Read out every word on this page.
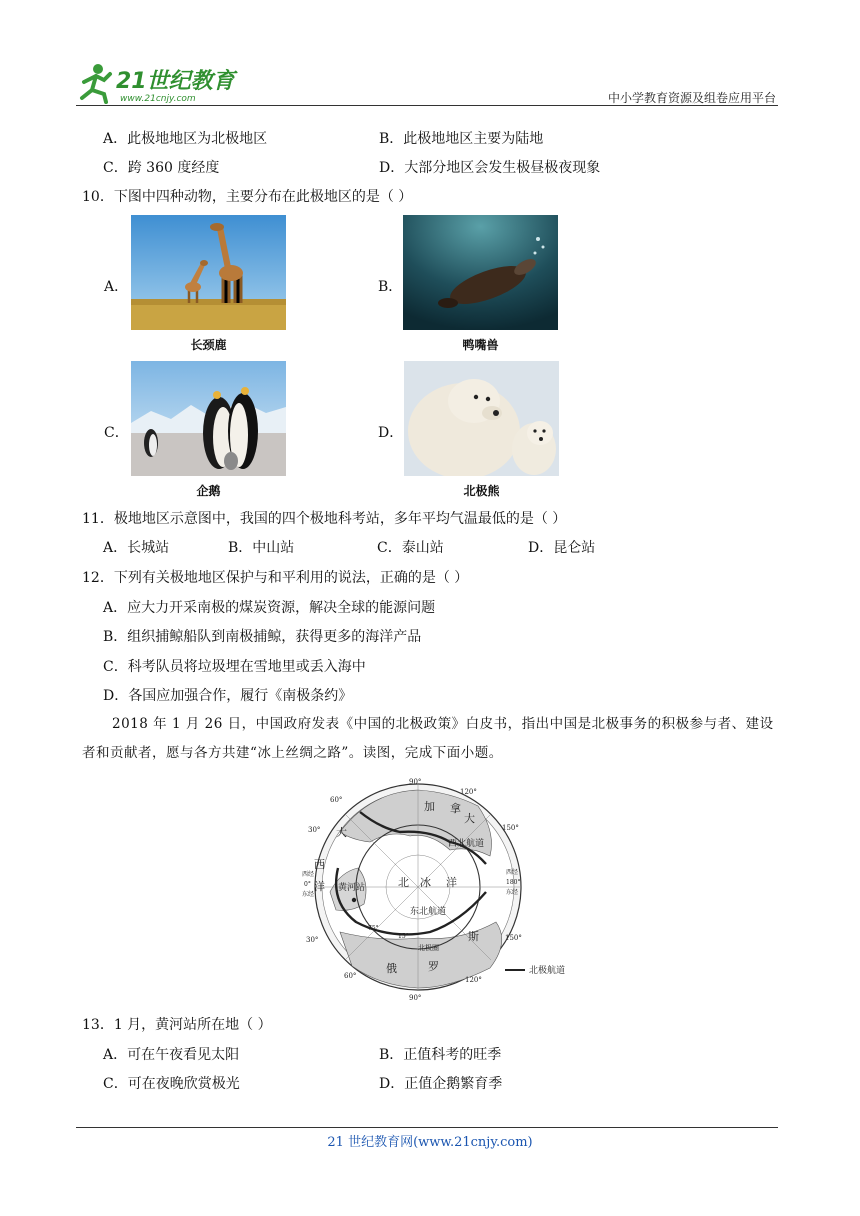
21世纪教育
www.21cnjy.com	中小学教育资源及组卷应用平台
A．此极地地区为北极地区	B．此极地地区主要为陆地
C．跨 360 度经度	D．大部分地区会发生极昼极夜现象
10．下图中四种动物，主要分布在此极地区的是（ ）
A．
长颈鹿
B．
鸭嘴兽
C．
企鹅
D．
北极熊
11．极地地区示意图中，我国的四个极地科考站，多年平均气温最低的是（ ）
A．长城站	B．中山站	C．泰山站	D．昆仑站
12．下列有关极地地区保护与和平利用的说法，正确的是（ ）
A．应大力开采南极的煤炭资源，解决全球的能源问题
B．组织捕鲸船队到南极捕鲸，获得更多的海洋产品
C．科考队员将垃圾埋在雪地里或丢入海中
D．各国应加强合作，履行《南极条约》
2018 年 1 月 26 日，中国政府发表《中国的北极政策》白皮书，指出中国是北极事务的积极参与者、建设者和贡献者，愿与各方共建“冰上丝绸之路”。读图，完成下面小题。
90°
90°
120°
150°
30°
60°
西经
0°
东经
西经
180°
东经
30°
60°	120°
150°
大
西
洋
加 拿
大
西北航道
北 冰 洋
黄河站
东北航道
北极圈
15°
75°
俄	罗
斯
北极航道
13．1 月，黄河站所在地（ ）
A．可在午夜看见太阳	B．正值科考的旺季
C．可在夜晚欣赏极光	D．正值企鹅繁育季
21 世纪教育网(www.21cnjy.com)
